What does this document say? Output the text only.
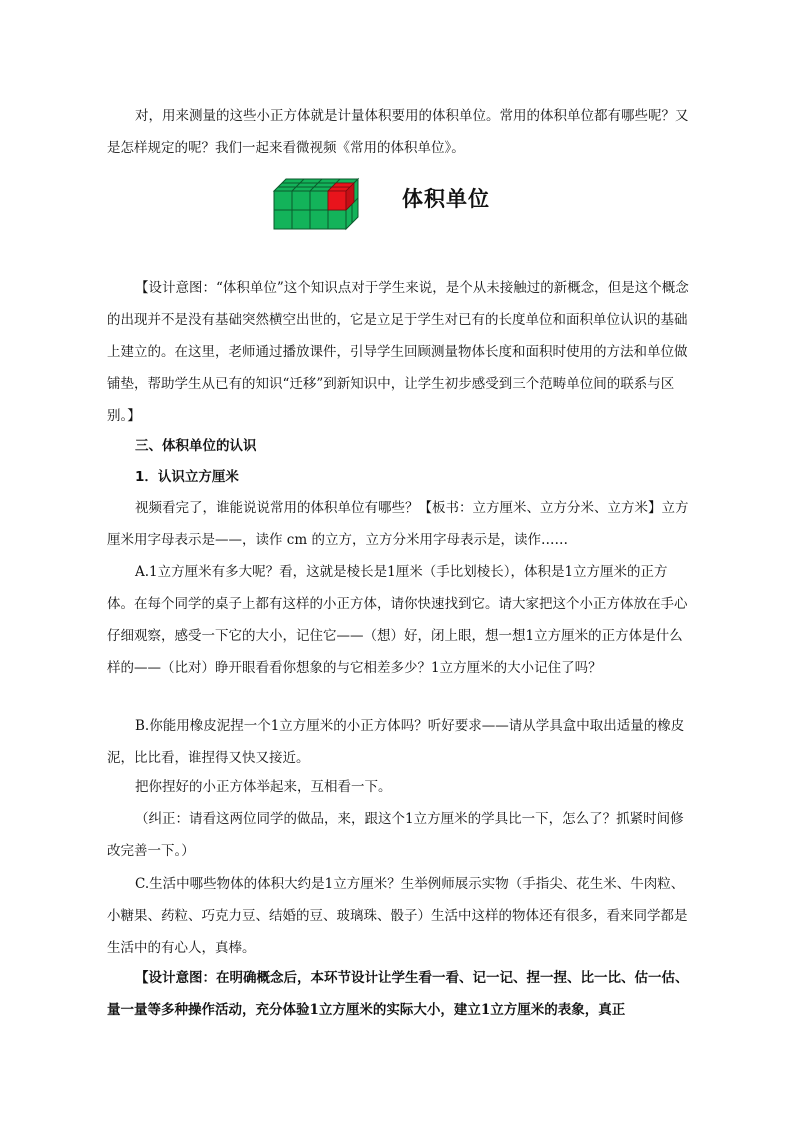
对，用来测量的这些小正方体就是计量体积要用的体积单位。常用的体积单位都有哪些呢？又是怎样规定的呢？我们一起来看微视频《常用的体积单位》。

体积单位

【设计意图：“体积单位”这个知识点对于学生来说，是个从未接触过的新概念，但是这个概念的出现并不是没有基础突然横空出世的，它是立足于学生对已有的长度单位和面积单位认识的基础上建立的。在这里，老师通过播放课件，引导学生回顾测量物体长度和面积时使用的方法和单位做铺垫，帮助学生从已有的知识“迁移”到新知识中，让学生初步感受到三个范畴单位间的联系与区别。】

三、体积单位的认识

1．认识立方厘米

视频看完了，谁能说说常用的体积单位有哪些？【板书：立方厘米、立方分米、立方米】立方厘米用字母表示是——，读作 cm 的立方，立方分米用字母表示是，读作……

A.1立方厘米有多大呢？看，这就是棱长是1厘米（手比划棱长），体积是1立方厘米的正方体。在每个同学的桌子上都有这样的小正方体，请你快速找到它。请大家把这个小正方体放在手心仔细观察，感受一下它的大小，记住它——（想）好，闭上眼，想一想1立方厘米的正方体是什么样的——（比对）睁开眼看看你想象的与它相差多少？1立方厘米的大小记住了吗？

B.你能用橡皮泥捏一个1立方厘米的小正方体吗？听好要求——请从学具盒中取出适量的橡皮泥，比比看，谁捏得又快又接近。

把你捏好的小正方体举起来，互相看一下。

（纠正：请看这两位同学的做品，来，跟这个1立方厘米的学具比一下，怎么了？抓紧时间修改完善一下。）

C.生活中哪些物体的体积大约是1立方厘米？生举例师展示实物（手指尖、花生米、牛肉粒、小糖果、药粒、巧克力豆、结婚的豆、玻璃珠、骰子）生活中这样的物体还有很多，看来同学都是生活中的有心人，真棒。

【设计意图：在明确概念后，本环节设计让学生看一看、记一记、捏一捏、比一比、估一估、量一量等多种操作活动，充分体验1立方厘米的实际大小，建立1立方厘米的表象，真正
